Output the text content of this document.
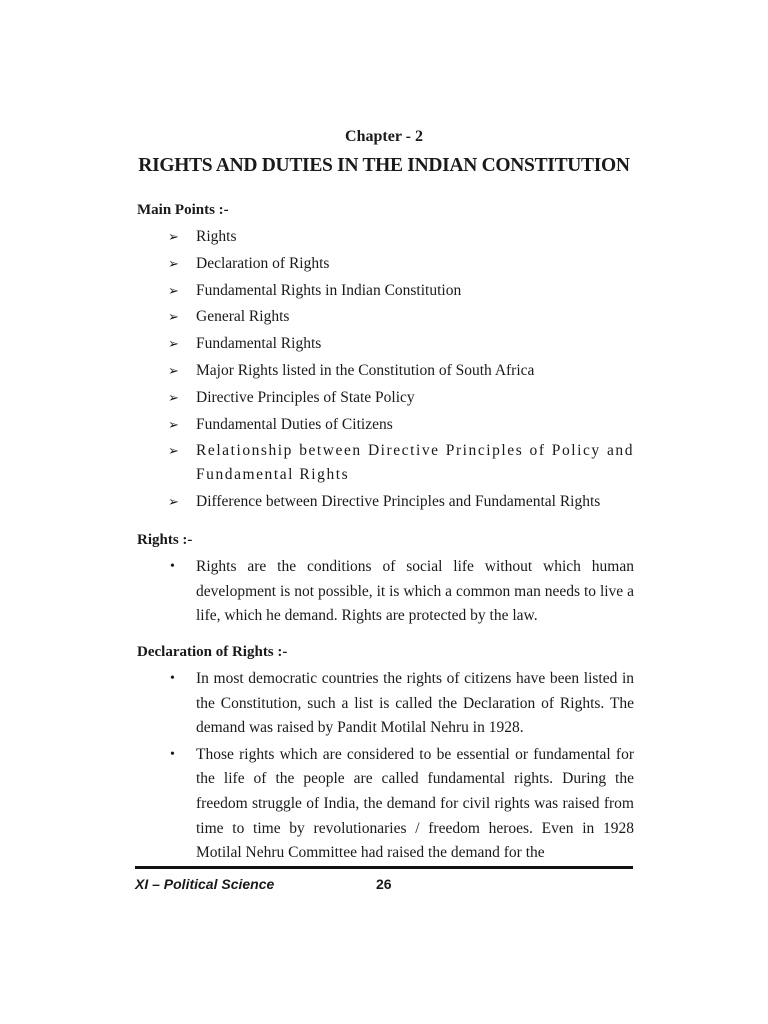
Chapter - 2
RIGHTS AND DUTIES IN THE INDIAN CONSTITUTION
Main Points :-
➢ Rights
➢ Declaration of Rights
➢ Fundamental Rights in Indian Constitution
➢ General Rights
➢ Fundamental Rights
➢ Major Rights listed in the Constitution of South Africa
➢ Directive Principles of State Policy
➢ Fundamental Duties of Citizens
➢ Relationship between Directive Principles of Policy and Fundamental Rights
➢ Difference between Directive Principles and Fundamental Rights
Rights :-
• Rights are the conditions of social life without which human development is not possible, it is which a common man needs to live a life, which he demand. Rights are protected by the law.
Declaration of Rights :-
• In most democratic countries the rights of citizens have been listed in the Constitution, such a list is called the Declaration of Rights. The demand was raised by Pandit Motilal Nehru in 1928.
• Those rights which are considered to be essential or fundamental for the life of the people are called fundamental rights. During the freedom struggle of India, the demand for civil rights was raised from time to time by revolutionaries / freedom heroes. Even in 1928 Motilal Nehru Committee had raised the demand for the
XI – Political Science	26
